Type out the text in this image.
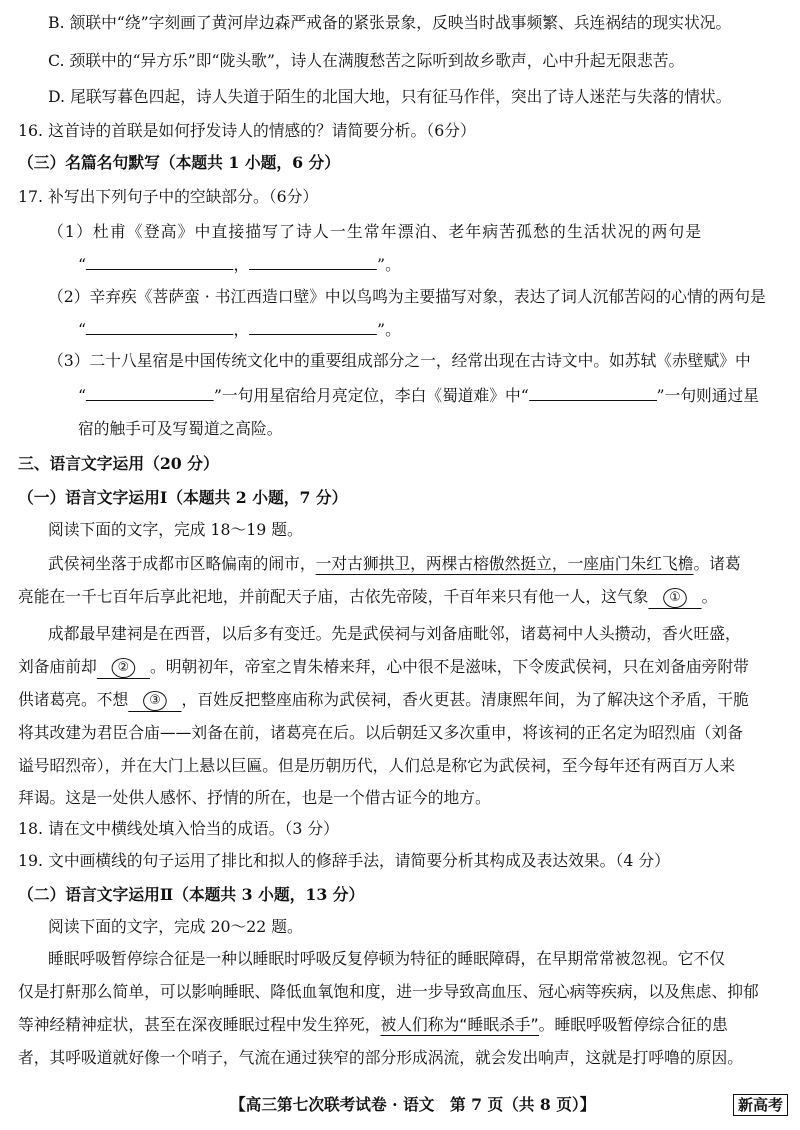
B. 颔联中“绕”字刻画了黄河岸边森严戒备的紧张景象，反映当时战事频繁、兵连祸结的现实状况。
C. 颈联中的“异方乐”即“陇头歌”，诗人在满腹愁苦之际听到故乡歌声，心中升起无限悲苦。
D. 尾联写暮色四起，诗人失道于陌生的北国大地，只有征马作伴，突出了诗人迷茫与失落的情状。
16. 这首诗的首联是如何抒发诗人的情感的？请简要分析。（6分）
（三）名篇名句默写（本题共 1 小题，6 分）
17. 补写出下列句子中的空缺部分。（6分）
（1）杜甫《登高》中直接描写了诗人一生常年漂泊、老年病苦孤愁的生活状况的两句是
“	，	”。
（2）辛弃疾《菩萨蛮 · 书江西造口壁》中以鸟鸣为主要描写对象，表达了词人沉郁苦闷的心情的两句是
“	，	”。
（3）二十八星宿是中国传统文化中的重要组成部分之一，经常出现在古诗文中。如苏轼《赤壁赋》中
“	”一句用星宿给月亮定位，李白《蜀道难》中“	”一句则通过星
宿的触手可及写蜀道之高险。
三、语言文字运用（20 分）
（一）语言文字运用Ⅰ（本题共 2 小题，7 分）
阅读下面的文字，完成 18～19 题。
武侯祠坐落于成都市区略偏南的闹市，一对古狮拱卫，两棵古榕傲然挺立，一座庙门朱红飞檐。诸葛
亮能在一千七百年后享此祀地，并前配天子庙，古依先帝陵，千百年来只有他一人，这气象 ① 。
成都最早建祠是在西晋，以后多有变迁。先是武侯祠与刘备庙毗邻，诸葛祠中人头攒动，香火旺盛，
刘备庙前却 ② 。明朝初年，帝室之胄朱椿来拜，心中很不是滋味，下令废武侯祠，只在刘备庙旁附带
供诸葛亮。不想 ③ ，百姓反把整座庙称为武侯祠，香火更甚。清康熙年间，为了解决这个矛盾，干脆
将其改建为君臣合庙——刘备在前，诸葛亮在后。以后朝廷又多次重申，将该祠的正名定为昭烈庙（刘备
谥号昭烈帝），并在大门上悬以巨匾。但是历朝历代，人们总是称它为武侯祠，至今每年还有两百万人来
拜谒。这是一处供人感怀、抒情的所在，也是一个借古证今的地方。
18. 请在文中横线处填入恰当的成语。（3 分）
19. 文中画横线的句子运用了排比和拟人的修辞手法，请简要分析其构成及表达效果。（4 分）
（二）语言文字运用Ⅱ（本题共 3 小题，13 分）
阅读下面的文字，完成 20～22 题。
睡眠呼吸暂停综合征是一种以睡眠时呼吸反复停顿为特征的睡眠障碍，在早期常常被忽视。它不仅
仅是打鼾那么简单，可以影响睡眠、降低血氧饱和度，进一步导致高血压、冠心病等疾病，以及焦虑、抑郁
等神经精神症状，甚至在深夜睡眠过程中发生猝死，被人们称为“睡眠杀手”。睡眠呼吸暂停综合征的患
者，其呼吸道就好像一个哨子，气流在通过狭窄的部分形成涡流，就会发出响声，这就是打呼噜的原因。
【高三第七次联考试卷 · 语文　第 7 页（共 8 页）】	新高考
